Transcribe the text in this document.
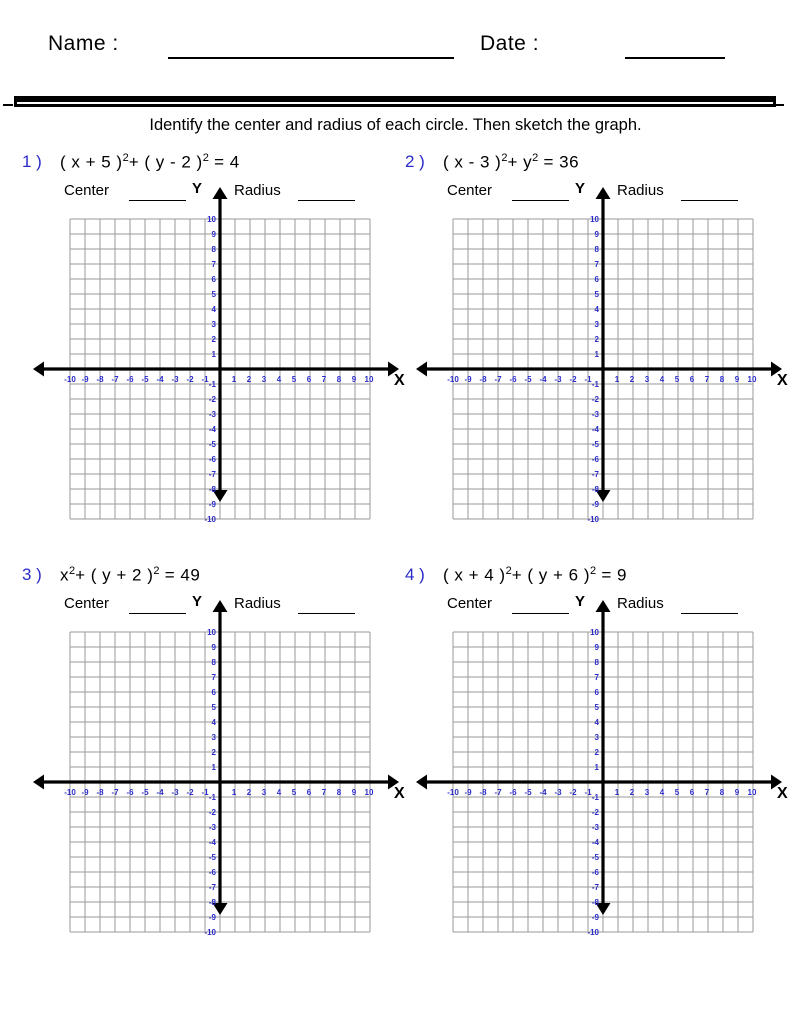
Name :	Date :
Identify the center and radius of each circle. Then sketch the graph.
1 ) ( x + 5 )$^2$+ ( y - 2 )$^2$ = 4
Center	Radius
Y
-10 -9 -8 -7 -6 -5 -4 -3 -2 -1	1 2 3 4 5 6 7 8 9 10
10
9
8
7
6
5
4
3
2
1
-1
-2
-3
-4
-5
-6
-7
-8
-9
-10
X
2 ) ( x - 3 )$^2+ y^2 = 36$
Center	Radius
Y
-10 -9 -8 -7 -6 -5 -4 -3 -2 -1	1 2 3 4 5 6 7 8 9 10
10
9
8
7
6
5
4
3
2
1
-1
-2
-3
-4
-5
-6
-7
-8
-9
-10
X
3 ) $x^2+$ ( y + 2 )$^2$ = 49
Center	Radius
Y
-10 -9 -8 -7 -6 -5 -4 -3 -2 -1	1 2 3 4 5 6 7 8 9 10
10
9
8
7
6
5
4
3
2
1
-1
-2
-3
-4
-5
-6
-7
-8
-9
-10
X
4 ) ( x + 4 )$^2$+ ( y + 6 )$^2$ = 9
Center	Radius
Y
-10 -9 -8 -7 -6 -5 -4 -3 -2 -1	1 2 3 4 5 6 7 8 9 10
10
9
8
7
6
5
4
3
2
1
-1
-2
-3
-4
-5
-6
-7
-8
-9
-10
X
